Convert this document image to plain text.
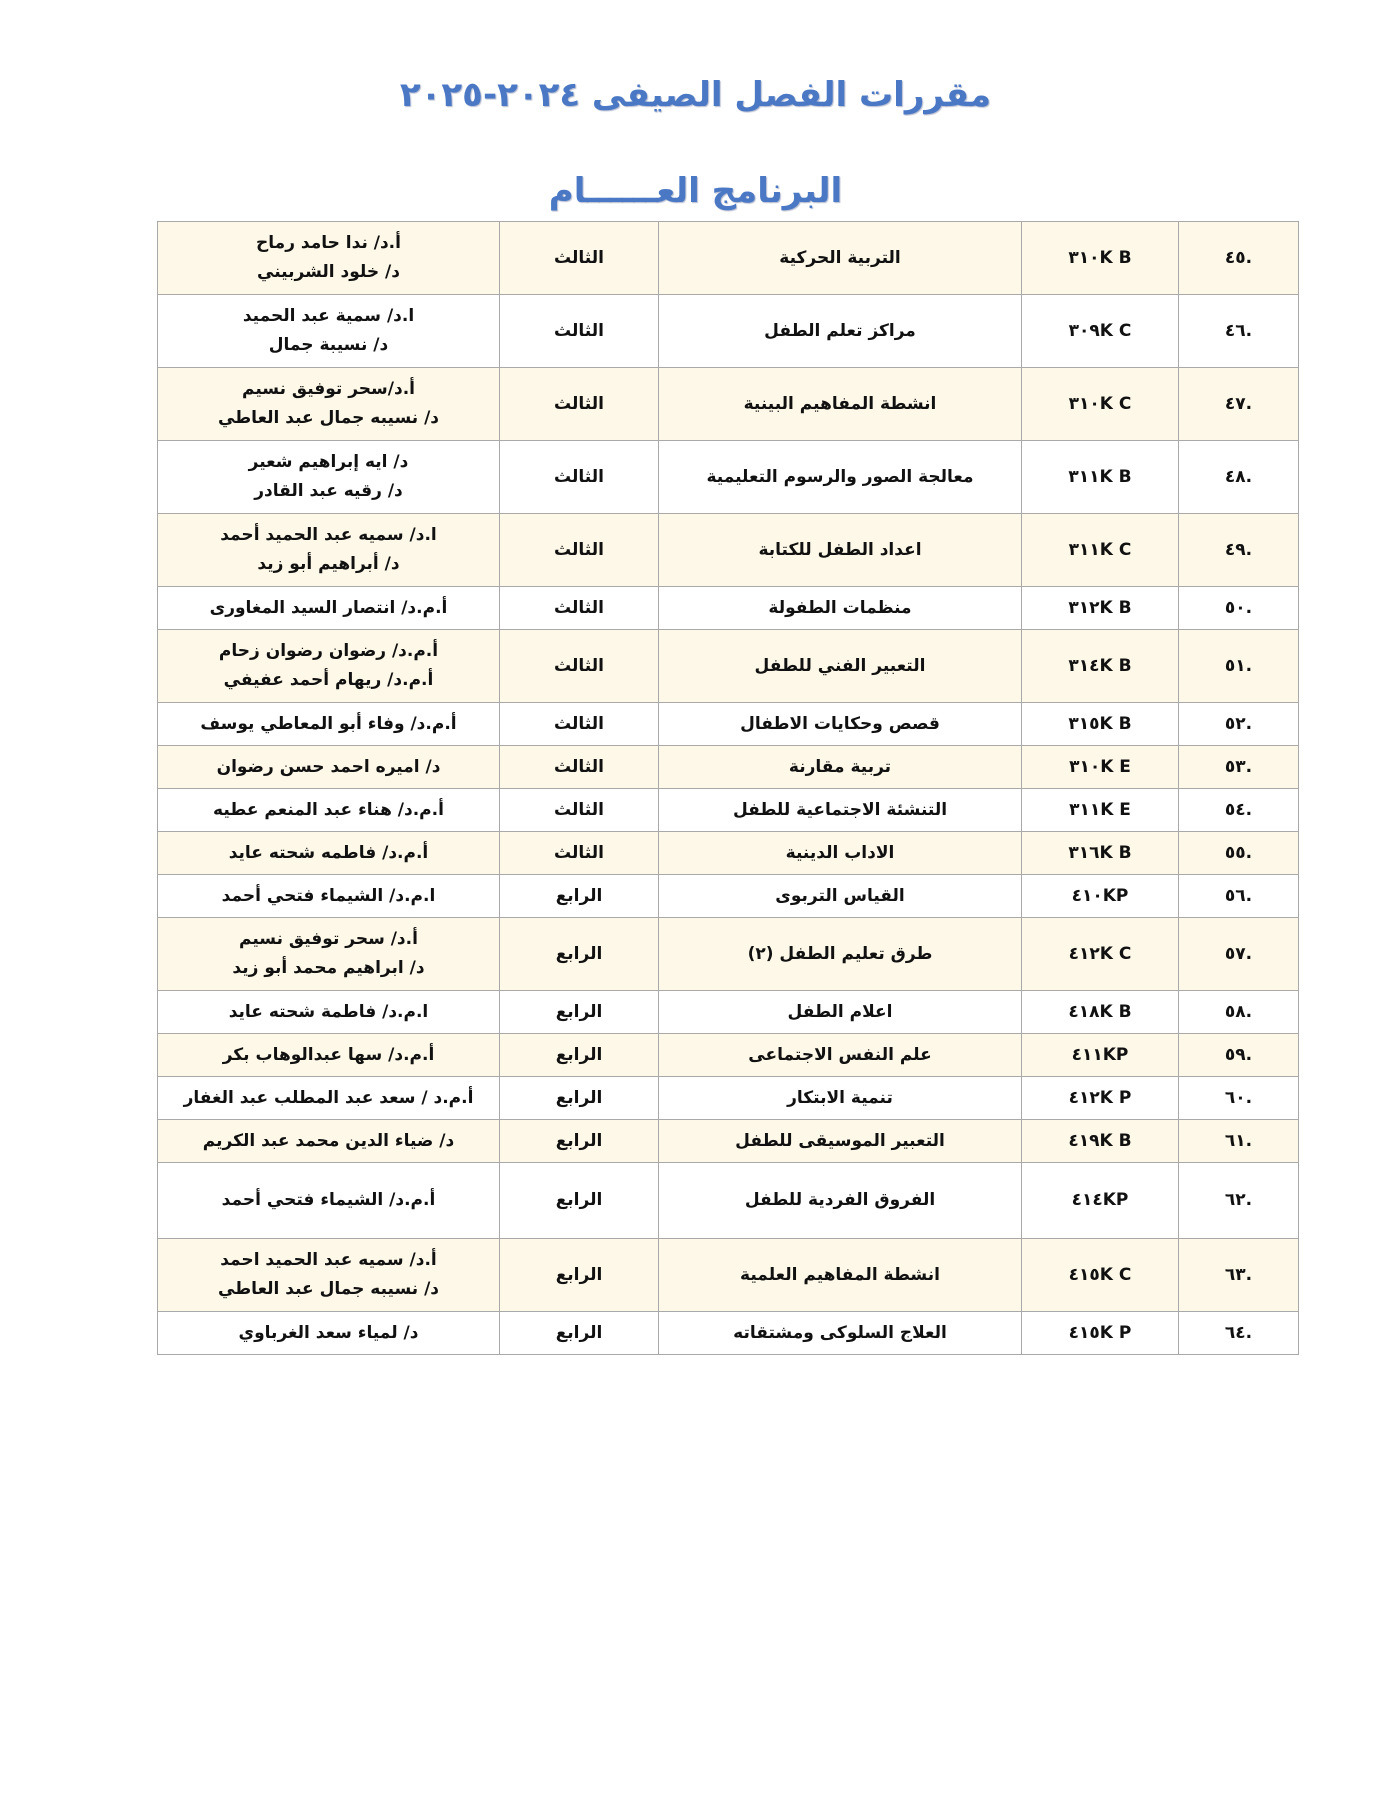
مقررات الفصل الصيفى ٢٠٢٤-٢٠٢٥
البرنامج العــــــام
٤٥.	٣١٠K B	التربية الحركية	الثالث	أ.د/ ندا حامد رماح
د/ خلود الشربيني

٤٦.	٣٠٩K C	مراكز تعلم الطفل	الثالث	ا.د/ سمية عبد الحميد
د/ نسيبة جمال

٤٧.	٣١٠K C	انشطة المفاهيم البينية	الثالث	أ.د/سحر توفيق نسيم
د/ نسيبه جمال عبد العاطي

٤٨.	٣١١K B	معالجة الصور والرسوم التعليمية	الثالث	د/ ايه إبراهيم شعير
د/ رقيه عبد القادر

٤٩.	٣١١K C	اعداد الطفل للكتابة	الثالث	ا.د/ سميه عبد الحميد أحمد
د/ أبراهيم أبو زيد

٥٠.	٣١٢K B	منظمات الطفولة	الثالث	أ.م.د/ انتصار السيد المغاورى

٥١.	٣١٤K B	التعبير الفني للطفل	الثالث	أ.م.د/ رضوان رضوان زحام
أ.م.د/ ريهام أحمد عفيفي

٥٢.	٣١٥K B	قصص وحكايات الاطفال	الثالث	أ.م.د/ وفاء أبو المعاطي يوسف

٥٣.	٣١٠K E	تربية مقارنة	الثالث	د/ اميره احمد حسن رضوان

٥٤.	٣١١K E	التنشئة الاجتماعية للطفل	الثالث	أ.م.د/ هناء عبد المنعم عطيه

٥٥.	٣١٦K B	الاداب الدينية	الثالث	أ.م.د/ فاطمه شحته عايد

٥٦.	٤١٠KP	القياس التربوى	الرابع	ا.م.د/ الشيماء فتحي أحمد

٥٧.	٤١٢K C	طرق تعليم الطفل (٢)	الرابع	أ.د/ سحر توفيق نسيم
د/ ابراهيم محمد أبو زيد

٥٨.	٤١٨K B	اعلام الطفل	الرابع	ا.م.د/ فاطمة شحته عايد

٥٩.	٤١١KP	علم النفس الاجتماعى	الرابع	أ.م.د/ سها عبدالوهاب بكر

٦٠.	٤١٢K P	تنمية الابتكار	الرابع	أ.م.د / سعد عبد المطلب عبد الغفار

٦١.	٤١٩K B	التعبير الموسيقى للطفل	الرابع	د/ ضياء الدين محمد عبد الكريم

٦٢.	٤١٤KP	الفروق الفردية للطفل	الرابع	أ.م.د/ الشيماء فتحي أحمد

٦٣.	٤١٥K C	انشطة المفاهيم العلمية	الرابع	أ.د/ سميه عبد الحميد احمد
د/ نسيبه جمال عبد العاطي

٦٤.	٤١٥K P	العلاج السلوكى ومشتقاته	الرابع	د/ لمياء سعد الغرباوي
